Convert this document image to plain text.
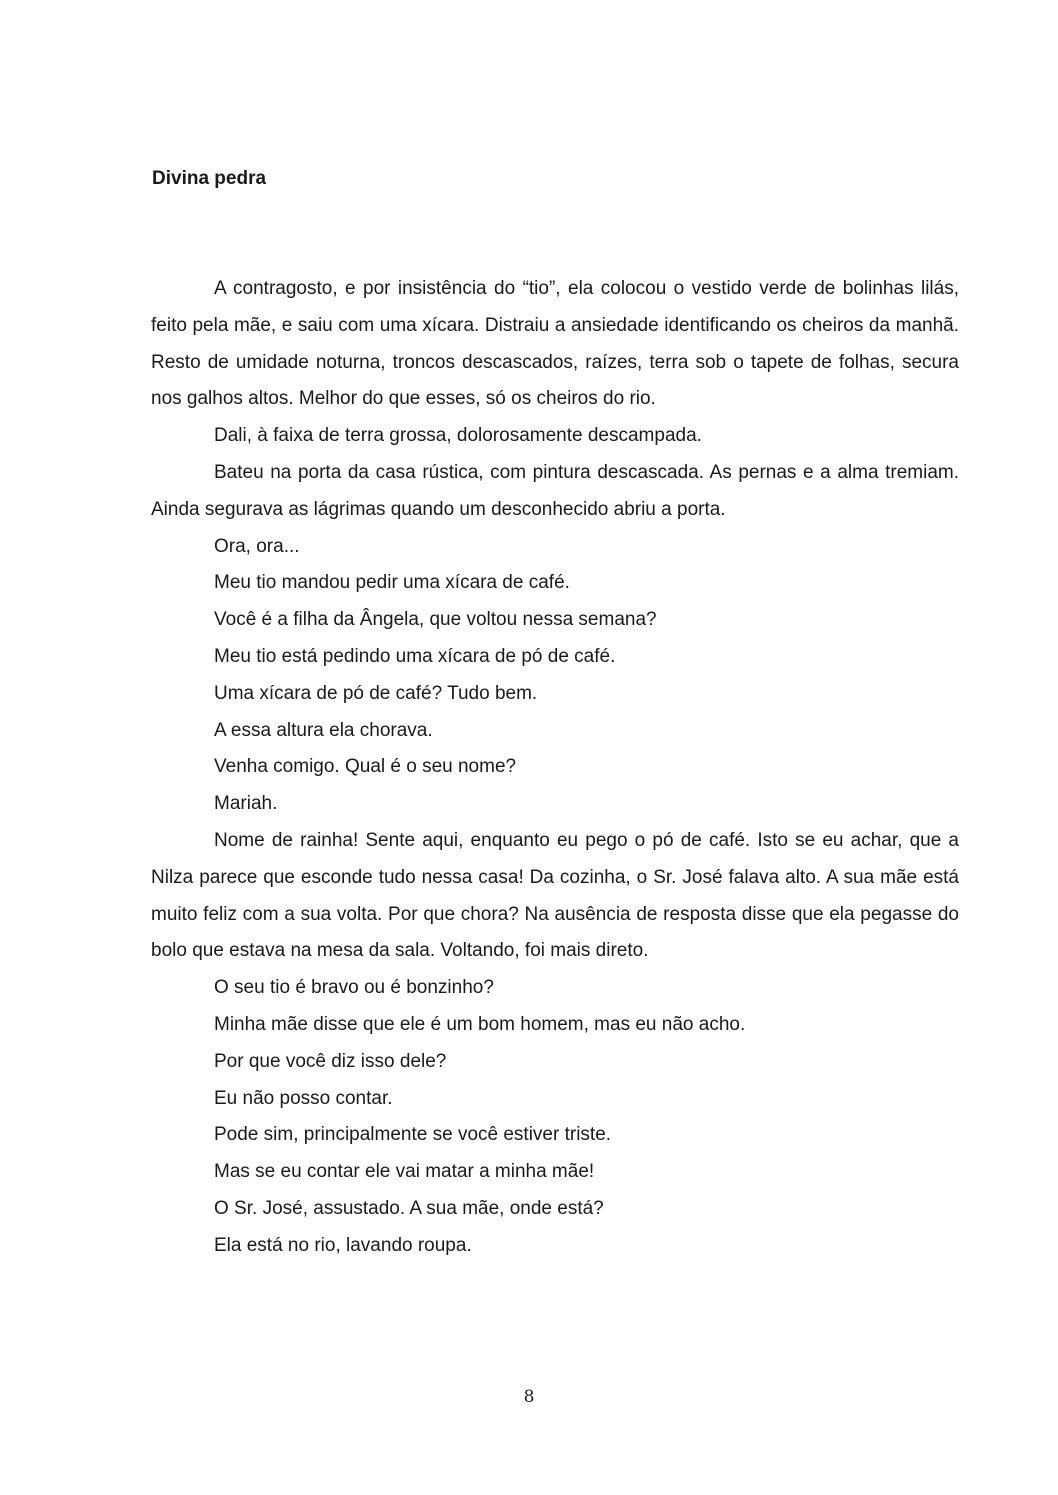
Divina pedra

A contragosto, e por insistência do “tio”, ela colocou o vestido verde de bolinhas lilás, feito pela mãe, e saiu com uma xícara. Distraiu a ansiedade identificando os cheiros da manhã. Resto de umidade noturna, troncos descascados, raízes, terra sob o tapete de folhas, secura nos galhos altos. Melhor do que esses, só os cheiros do rio.

Dali, à faixa de terra grossa, dolorosamente descampada.

Bateu na porta da casa rústica, com pintura descascada. As pernas e a alma tremiam. Ainda segurava as lágrimas quando um desconhecido abriu a porta.

Ora, ora...

Meu tio mandou pedir uma xícara de café.

Você é a filha da Ângela, que voltou nessa semana?

Meu tio está pedindo uma xícara de pó de café.

Uma xícara de pó de café? Tudo bem.

A essa altura ela chorava.

Venha comigo. Qual é o seu nome?

Mariah.

Nome de rainha! Sente aqui, enquanto eu pego o pó de café. Isto se eu achar, que a Nilza parece que esconde tudo nessa casa! Da cozinha, o Sr. José falava alto. A sua mãe está muito feliz com a sua volta. Por que chora? Na ausência de resposta disse que ela pegasse do bolo que estava na mesa da sala. Voltando, foi mais direto.

O seu tio é bravo ou é bonzinho?

Minha mãe disse que ele é um bom homem, mas eu não acho.

Por que você diz isso dele?

Eu não posso contar.

Pode sim, principalmente se você estiver triste.

Mas se eu contar ele vai matar a minha mãe!

O Sr. José, assustado. A sua mãe, onde está?

Ela está no rio, lavando roupa.

8
